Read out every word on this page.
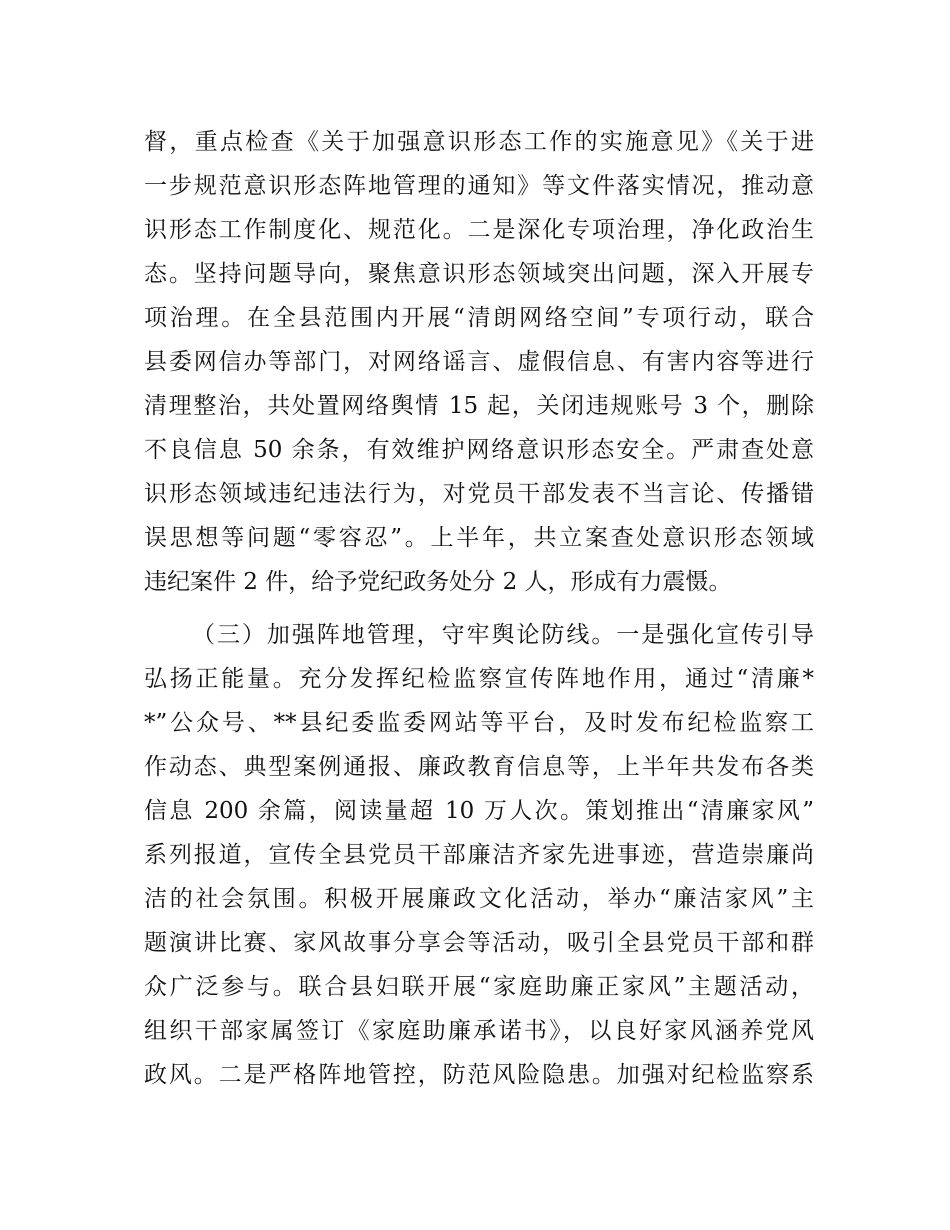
督，重点检查《关于加强意识形态工作的实施意见》《关于进
一步规范意识形态阵地管理的通知》等文件落实情况，推动意
识形态工作制度化、规范化。二是深化专项治理，净化政治生
态。坚持问题导向，聚焦意识形态领域突出问题，深入开展专
项治理。在全县范围内开展“清朗网络空间”专项行动，联合
县委网信办等部门，对网络谣言、虚假信息、有害内容等进行
清理整治，共处置网络舆情 15 起，关闭违规账号 3 个，删除
不良信息 50 余条，有效维护网络意识形态安全。严肃查处意
识形态领域违纪违法行为，对党员干部发表不当言论、传播错
误思想等问题“零容忍”。上半年，共立案查处意识形态领域
违纪案件 2 件，给予党纪政务处分 2 人，形成有力震慑。
（三）加强阵地管理，守牢舆论防线。一是强化宣传引导
弘扬正能量。充分发挥纪检监察宣传阵地作用，通过“清廉*
*”公众号、**县纪委监委网站等平台，及时发布纪检监察工
作动态、典型案例通报、廉政教育信息等，上半年共发布各类
信息 200 余篇，阅读量超 10 万人次。策划推出“清廉家风”
系列报道，宣传全县党员干部廉洁齐家先进事迹，营造崇廉尚
洁的社会氛围。积极开展廉政文化活动，举办“廉洁家风”主
题演讲比赛、家风故事分享会等活动，吸引全县党员干部和群
众广泛参与。联合县妇联开展“家庭助廉正家风”主题活动，
组织干部家属签订《家庭助廉承诺书》，以良好家风涵养党风
政风。二是严格阵地管控，防范风险隐患。加强对纪检监察系
